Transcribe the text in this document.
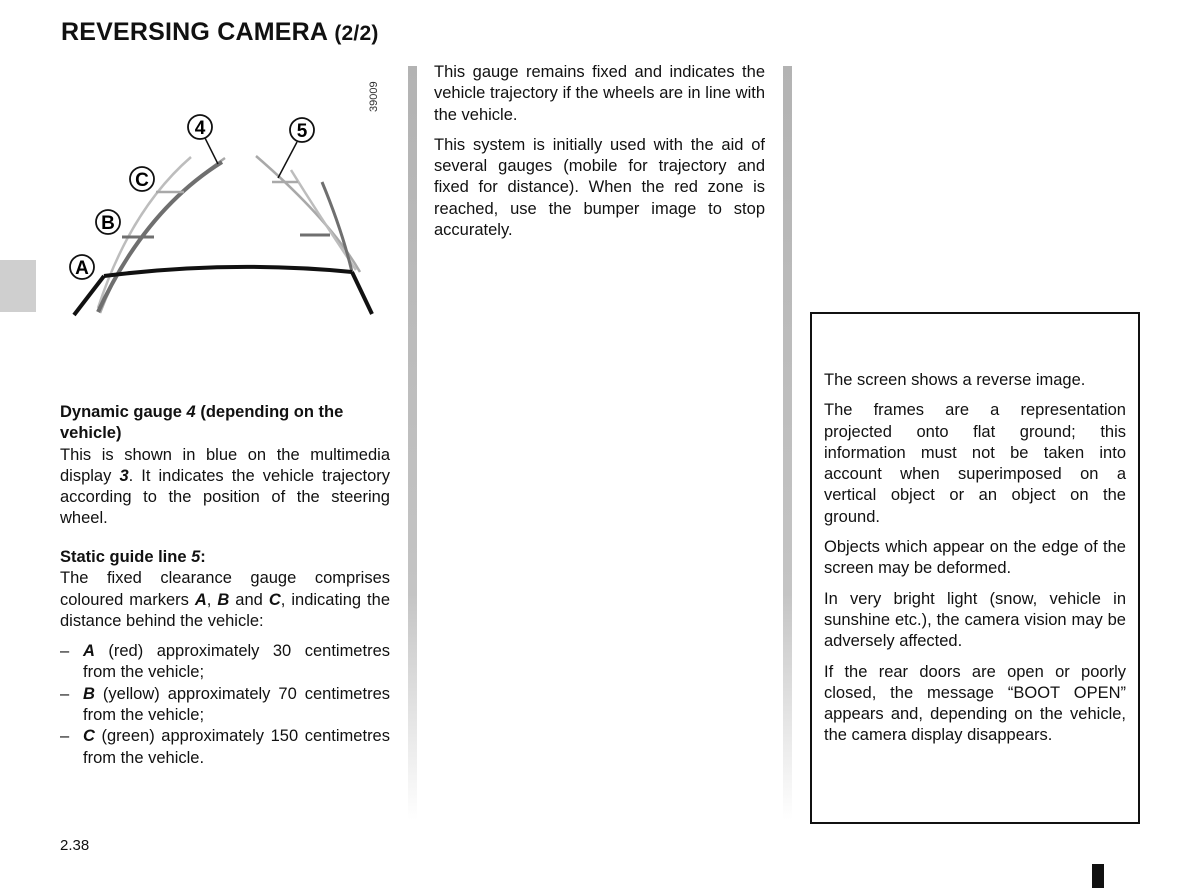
REVERSING CAMERA (2/2)
39009
4	5
C
B
A

Dynamic gauge 4 (depending on the vehicle)

This is shown in blue on the multimedia display 3. It indicates the vehicle trajectory according to the position of the steering wheel.

Static guide line 5:

The fixed clearance gauge comprises coloured markers A, B and C, indicating the distance behind the vehicle:

– A (red) approximately 30 centimetres from the vehicle;
– B (yellow) approximately 70 centimetres from the vehicle;
– C (green) approximately 150 centimetres from the vehicle.

This gauge remains fixed and indicates the vehicle trajectory if the wheels are in line with the vehicle.

This system is initially used with the aid of several gauges (mobile for trajectory and fixed for distance). When the red zone is reached, use the bumper image to stop accurately.

The screen shows a reverse image.

The frames are a representation projected onto flat ground; this information must not be taken into account when superimposed on a vertical object or an object on the ground.

Objects which appear on the edge of the screen may be deformed.

In very bright light (snow, vehicle in sunshine etc.), the camera vision may be adversely affected.

If the rear doors are open or poorly closed, the message “BOOT OPEN” appears and, depending on the vehicle, the camera display disappears.

2.38
